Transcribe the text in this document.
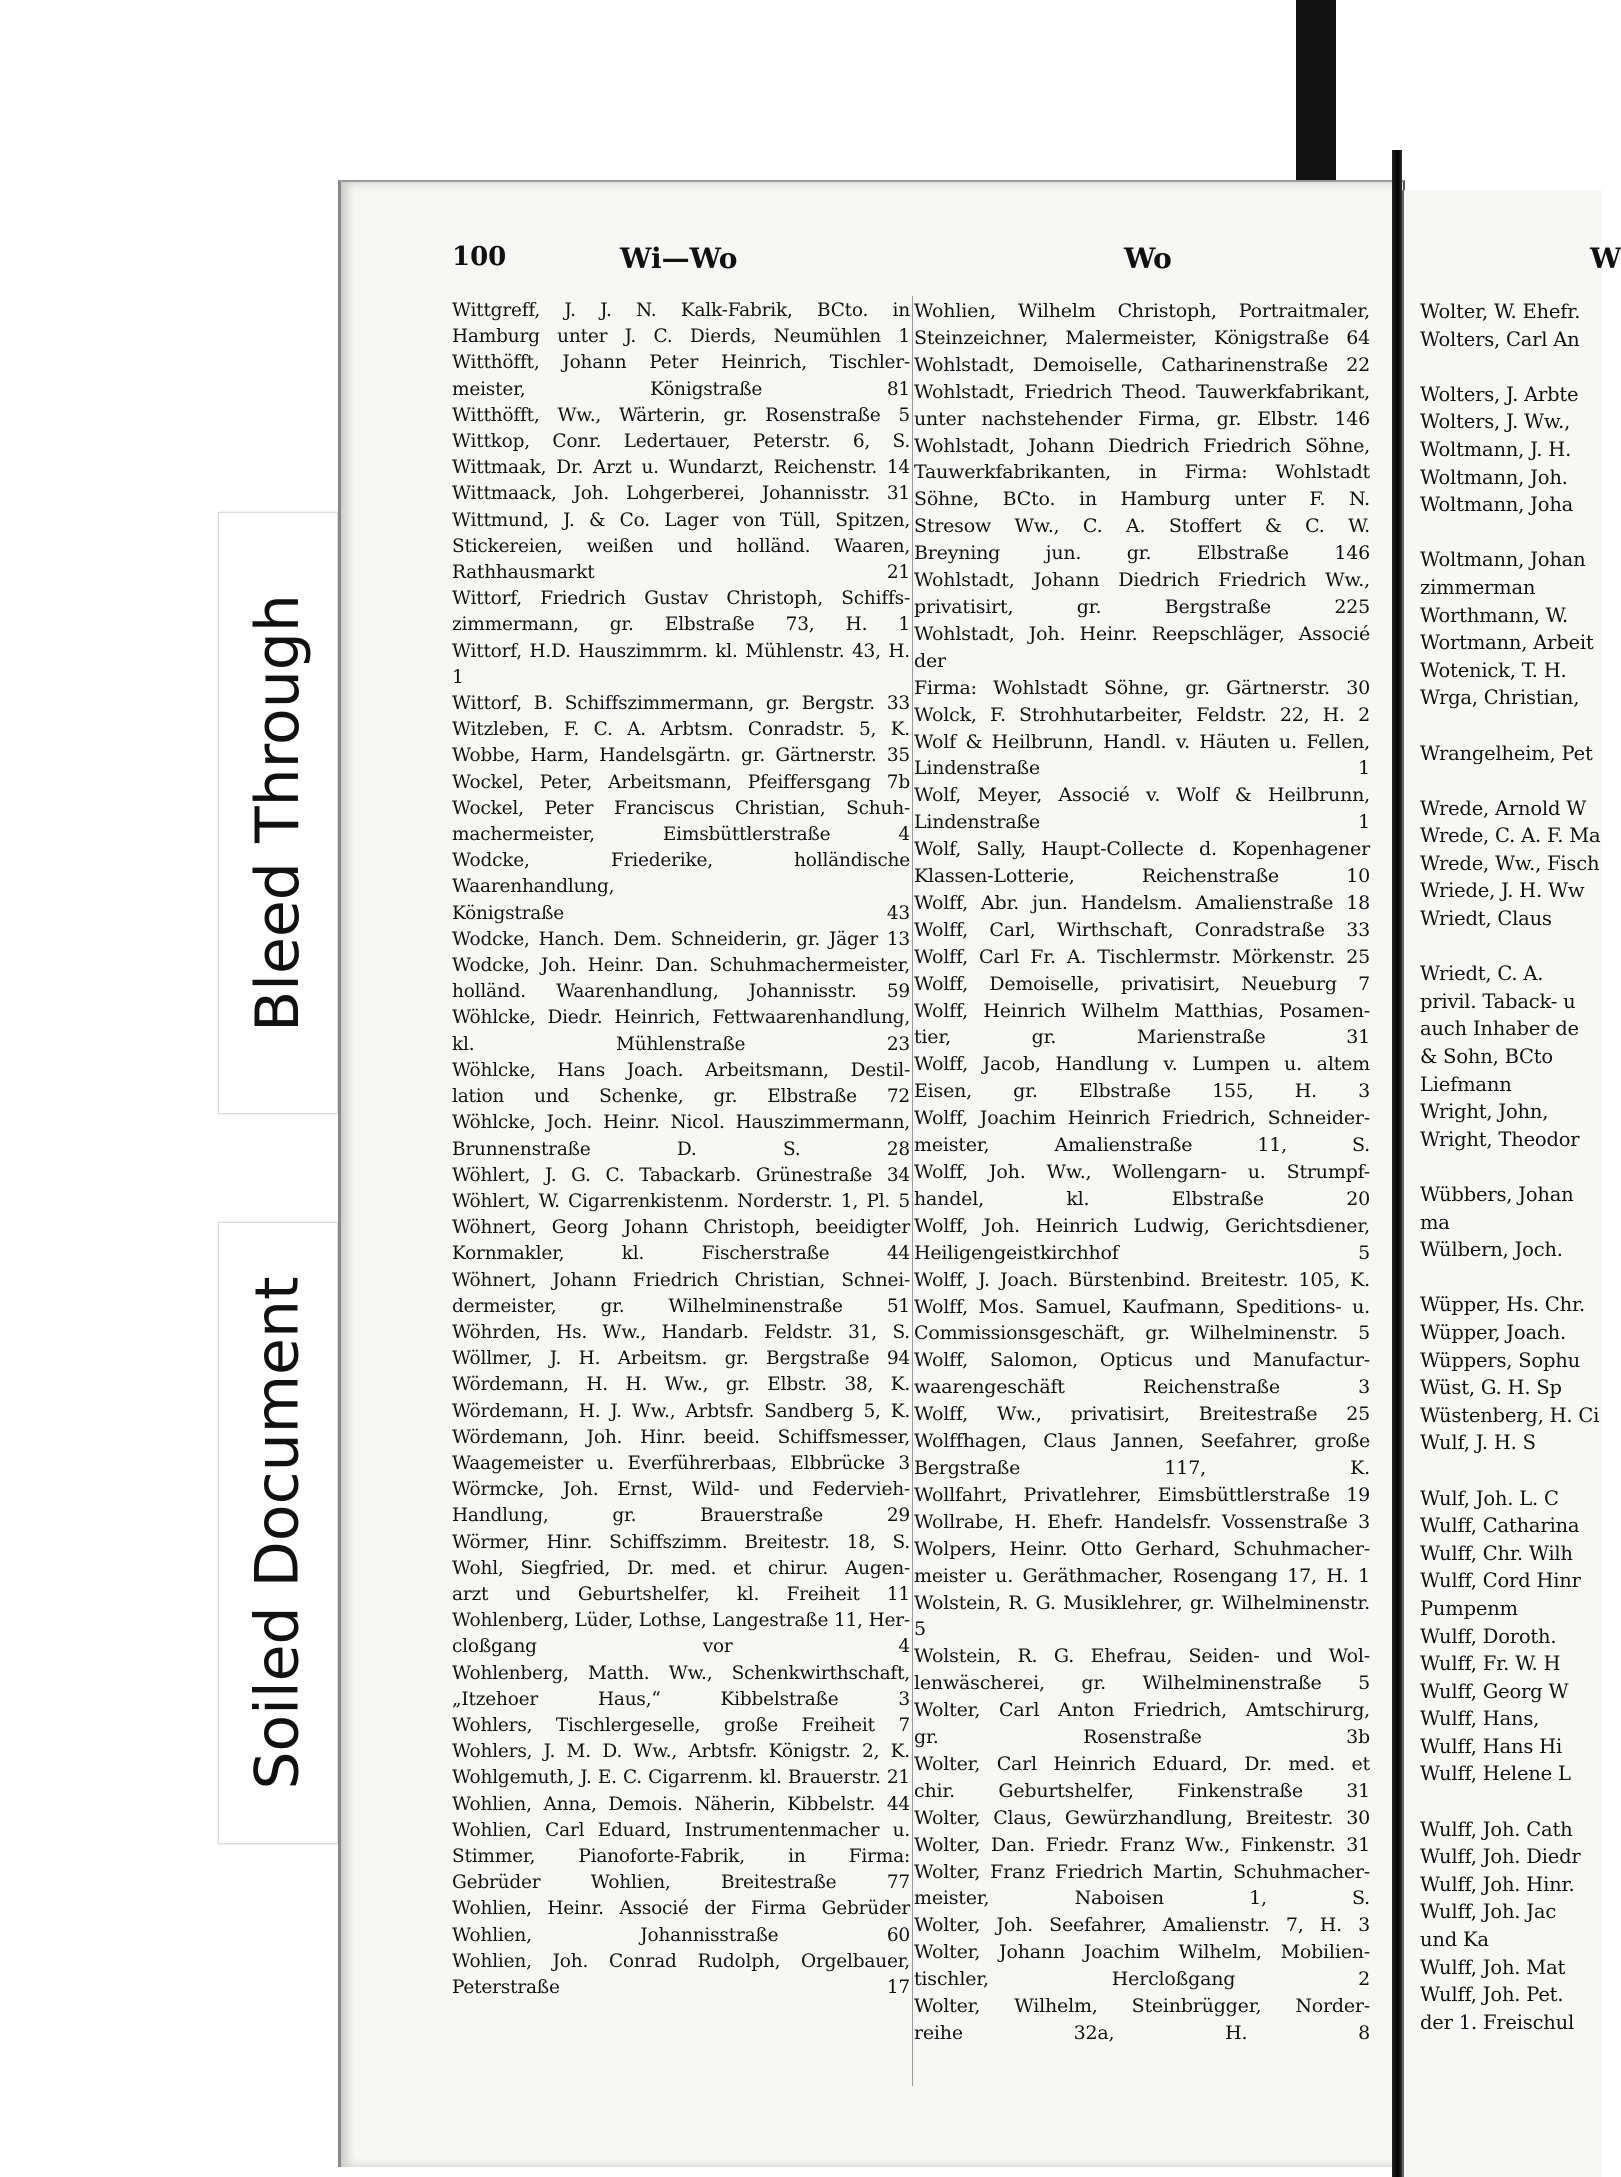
100	Wi—Wo	Wo	W
Wittgreff, J. J. N. Kalk-Fabrik, BCto. in
Hamburg unter J. C. Dierds, Neumühlen 1
Witthöfft, Johann Peter Heinrich, Tischler-
meister, Königstraße 81
Witthöfft, Ww., Wärterin, gr. Rosenstraße 5
Wittkop, Conr. Ledertauer, Peterstr. 6, S.
Wittmaak, Dr. Arzt u. Wundarzt, Reichenstr. 14
Wittmaack, Joh. Lohgerberei, Johannisstr. 31
Wittmund, J. & Co. Lager von Tüll, Spitzen,
Stickereien, weißen und holländ. Waaren,
Rathhausmarkt 21
Wittorf, Friedrich Gustav Christoph, Schiffs-
zimmermann, gr. Elbstraße 73, H. 1
Wittorf, H.D. Hauszimmrm. kl. Mühlenstr. 43, H. 1
Wittorf, B. Schiffszimmermann, gr. Bergstr. 33
Witzleben, F. C. A. Arbtsm. Conradstr. 5, K.
Wobbe, Harm, Handelsgärtn. gr. Gärtnerstr. 35
Wockel, Peter, Arbeitsmann, Pfeiffersgang 7b
Wockel, Peter Franciscus Christian, Schuh-
machermeister, Eimsbüttlerstraße 4
Wodcke, Friederike, holländische Waarenhandlung,
Königstraße 43
Wodcke, Hanch. Dem. Schneiderin, gr. Jäger 13
Wodcke, Joh. Heinr. Dan. Schuhmachermeister,
holländ. Waarenhandlung, Johannisstr. 59
Wöhlcke, Diedr. Heinrich, Fettwaarenhandlung,
kl. Mühlenstraße 23
Wöhlcke, Hans Joach. Arbeitsmann, Destil-
lation und Schenke, gr. Elbstraße 72
Wöhlcke, Joch. Heinr. Nicol. Hauszimmermann,
Brunnenstraße D. S. 28
Wöhlert, J. G. C. Tabackarb. Grünestraße 34
Wöhlert, W. Cigarrenkistenm. Norderstr. 1, Pl. 5
Wöhnert, Georg Johann Christoph, beeidigter
Kornmakler, kl. Fischerstraße 44
Wöhnert, Johann Friedrich Christian, Schnei-
dermeister, gr. Wilhelminenstraße 51
Wöhrden, Hs. Ww., Handarb. Feldstr. 31, S.
Wöllmer, J. H. Arbeitsm. gr. Bergstraße 94
Wördemann, H. H. Ww., gr. Elbstr. 38, K.
Wördemann, H. J. Ww., Arbtsfr. Sandberg 5, K.
Wördemann, Joh. Hinr. beeid. Schiffsmesser,
Waagemeister u. Everführerbaas, Elbbrücke 3
Wörmcke, Joh. Ernst, Wild- und Federvieh-
Handlung, gr. Brauerstraße 29
Wörmer, Hinr. Schiffszimm. Breitestr. 18, S.
Wohl, Siegfried, Dr. med. et chirur. Augen-
arzt und Geburtshelfer, kl. Freiheit 11
Wohlenberg, Lüder, Lothse, Langestraße 11, Her-
cloßgang vor 4
Wohlenberg, Matth. Ww., Schenkwirthschaft,
„Itzehoer Haus,“ Kibbelstraße 3
Wohlers, Tischlergeselle, große Freiheit 7
Wohlers, J. M. D. Ww., Arbtsfr. Königstr. 2, K.
Wohlgemuth, J. E. C. Cigarrenm. kl. Brauerstr. 21
Wohlien, Anna, Demois. Näherin, Kibbelstr. 44
Wohlien, Carl Eduard, Instrumentenmacher u.
Stimmer, Pianoforte-Fabrik, in Firma:
Gebrüder Wohlien, Breitestraße 77
Wohlien, Heinr. Associé der Firma Gebrüder
Wohlien, Johannisstraße 60
Wohlien, Joh. Conrad Rudolph, Orgelbauer,
Peterstraße 17
Wohlien, Wilhelm Christoph, Portraitmaler,
Steinzeichner, Malermeister, Königstraße 64
Wohlstadt, Demoiselle, Catharinenstraße 22
Wohlstadt, Friedrich Theod. Tauwerkfabrikant,
unter nachstehender Firma, gr. Elbstr. 146
Wohlstadt, Johann Diedrich Friedrich Söhne,
Tauwerkfabrikanten, in Firma: Wohlstadt
Söhne, BCto. in Hamburg unter F. N.
Stresow Ww., C. A. Stoffert & C. W.
Breyning jun. gr. Elbstraße 146
Wohlstadt, Johann Diedrich Friedrich Ww.,
privatisirt, gr. Bergstraße 225
Wohlstadt, Joh. Heinr. Reepschläger, Associé der
Firma: Wohlstadt Söhne, gr. Gärtnerstr. 30
Wolck, F. Strohhutarbeiter, Feldstr. 22, H. 2
Wolf & Heilbrunn, Handl. v. Häuten u. Fellen,
Lindenstraße 1
Wolf, Meyer, Associé v. Wolf & Heilbrunn,
Lindenstraße 1
Wolf, Sally, Haupt-Collecte d. Kopenhagener
Klassen-Lotterie, Reichenstraße 10
Wolff, Abr. jun. Handelsm. Amalienstraße 18
Wolff, Carl, Wirthschaft, Conradstraße 33
Wolff, Carl Fr. A. Tischlermstr. Mörkenstr. 25
Wolff, Demoiselle, privatisirt, Neueburg 7
Wolff, Heinrich Wilhelm Matthias, Posamen-
tier, gr. Marienstraße 31
Wolff, Jacob, Handlung v. Lumpen u. altem
Eisen, gr. Elbstraße 155, H. 3
Wolff, Joachim Heinrich Friedrich, Schneider-
meister, Amalienstraße 11, S.
Wolff, Joh. Ww., Wollengarn- u. Strumpf-
handel, kl. Elbstraße 20
Wolff, Joh. Heinrich Ludwig, Gerichtsdiener,
Heiligengeistkirchhof 5
Wolff, J. Joach. Bürstenbind. Breitestr. 105, K.
Wolff, Mos. Samuel, Kaufmann, Speditions- u.
Commissionsgeschäft, gr. Wilhelminenstr. 5
Wolff, Salomon, Opticus und Manufactur-
waarengeschäft Reichenstraße 3
Wolff, Ww., privatisirt, Breitestraße 25
Wolffhagen, Claus Jannen, Seefahrer, große
Bergstraße 117, K.
Wollfahrt, Privatlehrer, Eimsbüttlerstraße 19
Wollrabe, H. Ehefr. Handelsfr. Vossenstraße 3
Wolpers, Heinr. Otto Gerhard, Schuhmacher-
meister u. Geräthmacher, Rosengang 17, H. 1
Wolstein, R. G. Musiklehrer, gr. Wilhelminenstr. 5
Wolstein, R. G. Ehefrau, Seiden- und Wol-
lenwäscherei, gr. Wilhelminenstraße 5
Wolter, Carl Anton Friedrich, Amtschirurg,
gr. Rosenstraße 3b
Wolter, Carl Heinrich Eduard, Dr. med. et
chir. Geburtshelfer, Finkenstraße 31
Wolter, Claus, Gewürzhandlung, Breitestr. 30
Wolter, Dan. Friedr. Franz Ww., Finkenstr. 31
Wolter, Franz Friedrich Martin, Schuhmacher-
meister, Naboisen 1, S.
Wolter, Joh. Seefahrer, Amalienstr. 7, H. 3
Wolter, Johann Joachim Wilhelm, Mobilien-
tischler, Hercloßgang 2
Wolter, Wilhelm, Steinbrügger, Norder-
reihe 32a, H. 8
Wolter, W. Ehefr.
Wolters, Carl An

Wolters, J. Arbte
Wolters, J. Ww.,
Woltmann, J. H.
Woltmann, Joh.
Woltmann, Joha

Woltmann, Johan
zimmerman
Worthmann, W.
Wortmann, Arbeit
Wotenick, T. H.
Wrga, Christian,

Wrangelheim, Pet

Wrede, Arnold W
Wrede, C. A. F. Ma
Wrede, Ww., Fisch
Wriede, J. H. Ww
Wriedt, Claus

Wriedt, C. A.
privil. Taback- u
auch Inhaber de
& Sohn, BCto
Liefmann
Wright, John,
Wright, Theodor

Wübbers, Johan
ma
Wülbern, Joch.

Wüpper, Hs. Chr.
Wüpper, Joach.
Wüppers, Sophu
Wüst, G. H. Sp
Wüstenberg, H. Ci
Wulf, J. H. S

Wulf, Joh. L. C
Wulff, Catharina
Wulff, Chr. Wilh
Wulff, Cord Hinr
Pumpenm
Wulff, Doroth.
Wulff, Fr. W. H
Wulff, Georg W
Wulff, Hans,
Wulff, Hans Hi
Wulff, Helene L

Wulff, Joh. Cath
Wulff, Joh. Diedr
Wulff, Joh. Hinr.
Wulff, Joh. Jac
und Ka
Wulff, Joh. Mat
Wulff, Joh. Pet.
der 1. Freischul
Bleed Through
Soiled Document
